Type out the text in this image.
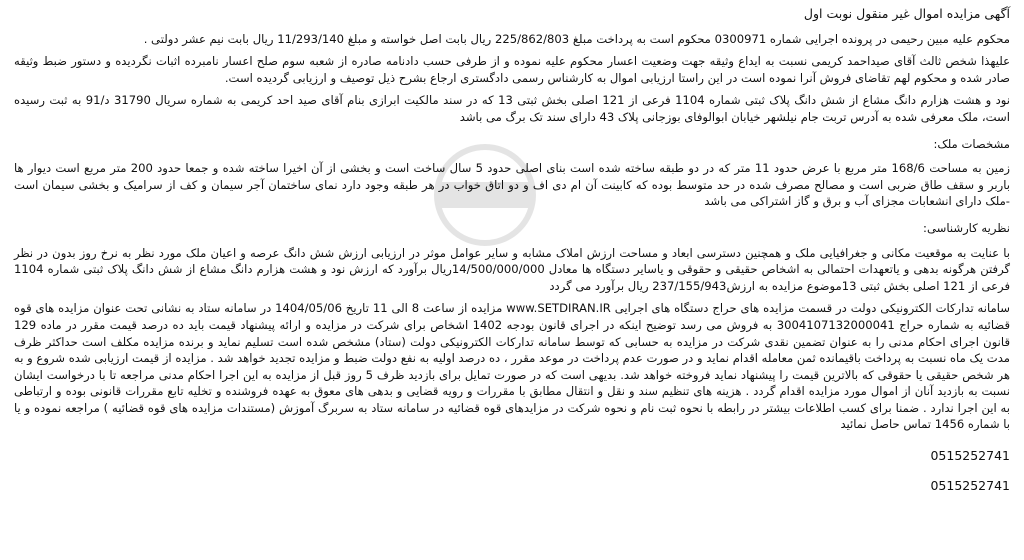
آگهی مزایده اموال غیر منقول نوبت اول

محکوم علیه مبین رحیمی در پرونده اجرایی شماره 0300971 محکوم است به پرداخت مبلغ 225/862/803 ریال بابت اصل خواسته و مبلغ 11/293/140 ریال بابت نیم عشر دولتی .

علیهذا شخص ثالث آقای صیداحمد کریمی نسبت به ایداع وثیقه جهت وضعیت اعسار محکوم علیه نموده و از طرفی حسب دادنامه صادره از شعبه سوم صلح اعسار نامبرده اثبات نگردیده و دستور ضبط وثیقه صادر شده و محکوم لهم تقاضای فروش آنرا نموده است در این راستا ارزیابی اموال به کارشناس رسمی دادگستری ارجاع بشرح ذیل توصیف و ارزیابی گردیده است.

نود و هشت هزارم دانگ مشاع از شش دانگ پلاک ثبتی شماره 1104 فرعی از 121 اصلی بخش ثبتی 13 که در سند مالکیت ابرازی بنام آقای صید احد کریمی به شماره سریال 31790 د/91 به ثبت رسیده است، ملک معرفی شده به آدرس تربت جام نیلشهر خیابان ابوالوفای بوزجانی پلاک 43 دارای سند تک برگ می باشد

مشخصات ملک:

زمین به مساحت 168/6 متر مربع با عرض حدود 11 متر که در دو طبقه ساخته شده است بنای اصلی حدود 5 سال ساخت است و بخشی از آن اخیرا ساخته شده و جمعا حدود 200 متر مربع است دیوار ها باربر و سقف طاق ضربی است و مصالح مصرف شده در حد متوسط بوده که کابینت آن ام دی اف و دو اتاق خواب در هر طبقه وجود دارد نمای ساختمان آجر سیمان و کف از سرامیک و بخشی سیمان است -ملک دارای انشعابات مجزای آب و برق و گاز اشتراکی می باشد

نظریه کارشناسی:

با عنایت به موقعیت مکانی و جغرافیایی ملک و همچنین دسترسی ابعاد و مساحت ارزش املاک مشابه و سایر عوامل موثر در ارزیابی ارزش شش دانگ عرصه و اعیان ملک مورد نظر به نرخ روز بدون در نظر گرفتن هرگونه بدهی و یاتعهدات احتمالی به اشخاص حقیقی و حقوقی و یاسایر دستگاه ها معادل 14/500/000/000ریال برآورد که ارزش نود و هشت هزارم دانگ مشاع از شش دانگ پلاک ثبتی شماره 1104 فرعی از 121 اصلی بخش ثبتی 13موضوع مزایده به ارزش237/155/943 ریال برآورد می گردد

سامانه تدارکات الکترونیکی دولت در قسمت مزایده های حراج دستگاه های اجرایی www.SETDIRAN.IR مزایده از ساعت 8 الی 11 تاریخ 1404/05/06 در سامانه ستاد به نشانی تحت عنوان مزایده های قوه قضائیه به شماره حراج 3004107132000041 به فروش می رسد توضیح اینکه در اجرای قانون بودجه 1402 اشخاص برای شرکت در مزایده و ارائه پیشنهاد قیمت باید ده درصد قیمت مقرر در ماده 129 قانون اجرای احکام مدنی را به عنوان تضمین نقدی شرکت در مزایده به حسابی که توسط سامانه تدارکات الکترونیکی دولت (ستاد) مشخص شده است تسلیم نماید و برنده مزایده مکلف است حداکثر ظرف مدت یک ماه نسبت به پرداخت باقیمانده ثمن معامله اقدام نماید و در صورت عدم پرداخت در موعد مقرر ، ده درصد اولیه به نفع دولت ضبط و مزایده تجدید خواهد شد . مزایده از قیمت ارزیابی شده شروع و به هر شخص حقیقی یا حقوقی که بالاترین قیمت را پیشنهاد نماید فروخته خواهد شد. بدیهی است که در صورت تمایل برای بازدید ظرف 5 روز قبل از مزایده به این اجرا احکام مدنی مراجعه تا با درخواست ایشان نسبت به بازدید آنان از اموال مورد مزایده اقدام گردد . هزینه های تنظیم سند و نقل و انتقال مطابق با مقررات و رویه قضایی و بدهی های معوق به عهده فروشنده و تخلیه تابع مقررات قانونی بوده و ارتباطی به این اجرا ندارد . ضمنا برای کسب اطلاعات بیشتر در رابطه با نحوه ثبت نام و نحوه شرکت در مزایدهای قوه قضائیه در سامانه ستاد به سربرگ آموزش (مستندات مزایده های قوه قضائیه ) مراجعه نموده و یا با شماره 1456 تماس حاصل نمائید

0515252741
0515252741
